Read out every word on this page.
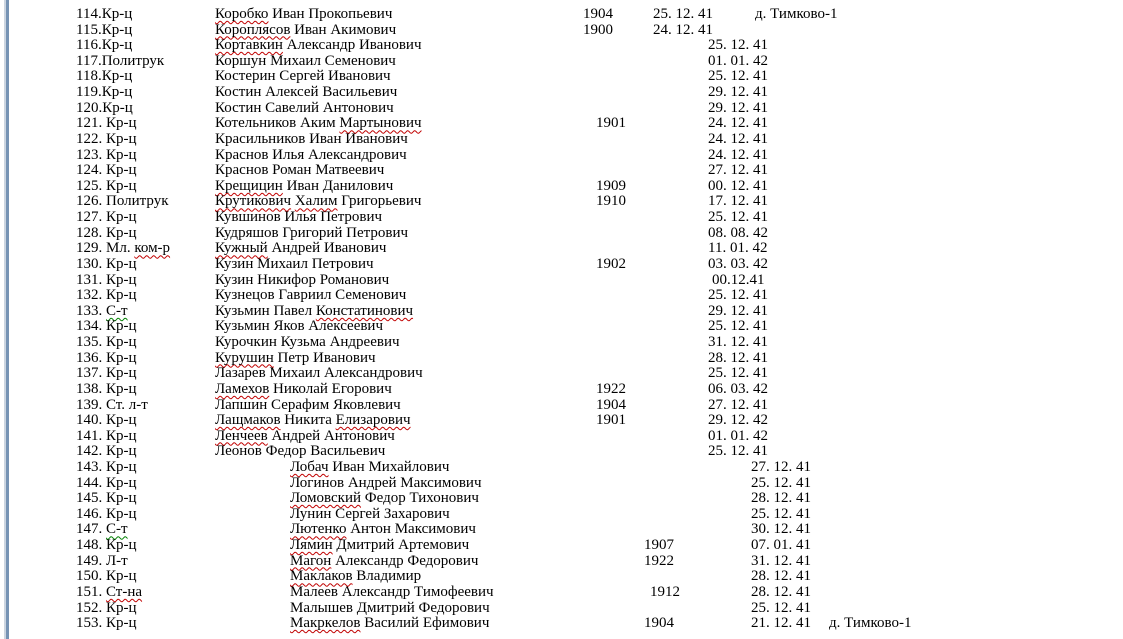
114.Кр-ц	Коробко Иван Прокопьевич	1904	25. 12. 41	д. Тимково-1
115.Кр-ц	Короплясов Иван Акимович	1900	24. 12. 41
116.Кр-ц	Кортавкин Александр Иванович	25. 12. 41
117.Политрук	Коршун Михаил Семенович	01. 01. 42
118.Кр-ц	Костерин Сергей Иванович	25. 12. 41
119.Кр-ц	Костин Алексей Васильевич	29. 12. 41
120.Кр-ц	Костин Савелий Антонович	29. 12. 41
121. Кр-ц	Котельников Аким Мартынович	1901	24. 12. 41
122. Кр-ц	Красильников Иван Иванович	24. 12. 41
123. Кр-ц	Краснов Илья Александрович	24. 12. 41
124. Кр-ц	Краснов Роман Матвеевич	27. 12. 41
125. Кр-ц	Крещицин Иван Данилович	1909	00. 12. 41
126. Политрук	Крутикович Халим Григорьевич	1910	17. 12. 41
127. Кр-ц	Кувшинов Илья Петрович	25. 12. 41
128. Кр-ц	Кудряшов Григорий Петрович	08. 08. 42
129. Мл. ком-р	Кужный Андрей Иванович	11. 01. 42
130. Кр-ц	Кузин Михаил Петрович	1902	03. 03. 42
131. Кр-ц	Кузин Никифор Романович	00.12.41
132. Кр-ц	Кузнецов Гавриил Семенович	25. 12. 41
133. С-т	Кузьмин Павел Констатинович	29. 12. 41
134. Кр-ц	Кузьмин Яков Алексеевич	25. 12. 41
135. Кр-ц	Курочкин Кузьма Андреевич	31. 12. 41
136. Кр-ц	Курушин Петр Иванович	28. 12. 41
137. Кр-ц	Лазарев Михаил Александрович	25. 12. 41
138. Кр-ц	Ламехов Николай Егорович	1922	06. 03. 42
139. Ст. л-т	Лапшин Серафим Яковлевич	1904	27. 12. 41
140. Кр-ц	Лащмаков Никита Елизарович	1901	29. 12. 42
141. Кр-ц	Ленчеев Андрей Антонович	01. 01. 42
142. Кр-ц	Леонов Федор Васильевич	25. 12. 41
143. Кр-ц	Лобач Иван Михайлович	27. 12. 41
144. Кр-ц	Логинов Андрей Максимович	25. 12. 41
145. Кр-ц	Ломовский Федор Тихонович	28. 12. 41
146. Кр-ц	Лунин Сергей Захарович	25. 12. 41
147. С-т	Лютенко Антон Максимович	30. 12. 41
148. Кр-ц	Лямин Дмитрий Артемович	1907	07. 01. 41
149. Л-т	Магон Александр Федорович	1922	31. 12. 41
150. Кр-ц	Маклаков Владимир	28. 12. 41
151. Ст-на	Малеев Александр Тимофеевич	1912	28. 12. 41
152. Кр-ц	Малышев Дмитрий Федорович	25. 12. 41
153. Кр-ц	Макркелов Василий Ефимович	1904	21. 12. 41 д. Тимково-1
